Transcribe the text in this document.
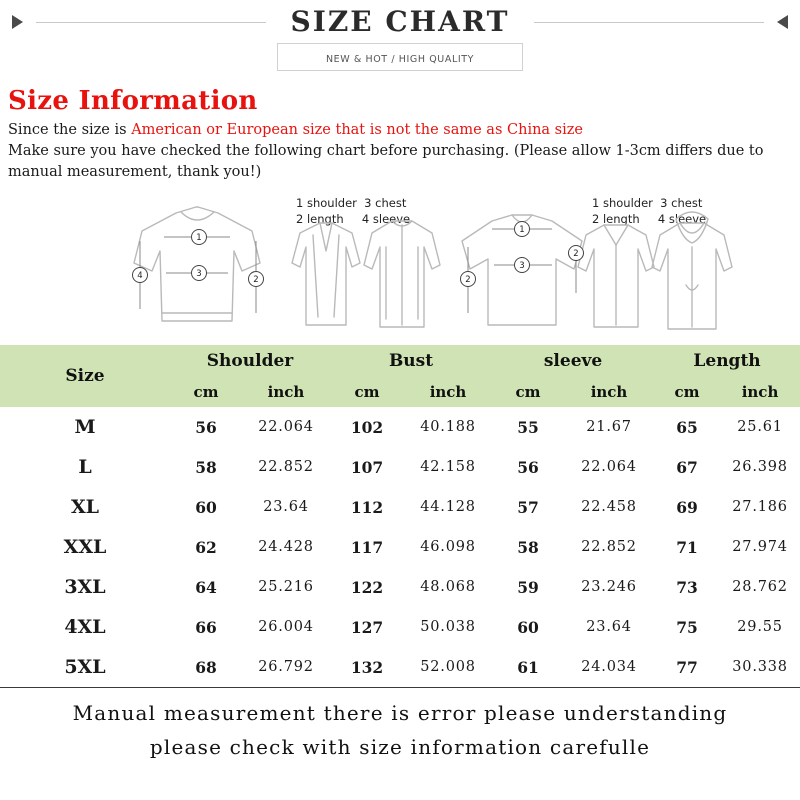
SIZE CHART
NEW & HOT / HIGH QUALITY
Size Information

Since the size is American or European size that is not the same as China size

Make sure you have checked the following chart before purchasing. (Please allow 1-3cm differs due to

manual measurement, thank you!)

1 shoulder  3 chest
2 length     4 sleeve
1 shoulder  3 chest
2 length     4 sleeve
1
3
4	2
1
3
2
2
Size	Shoulder		Bust		sleeve		Length	
	cm	inch	cm	inch	cm	inch	cm	inch
M	56	22.064	102	40.188	55	21.67	65	25.61
L	58	22.852	107	42.158	56	22.064	67	26.398
XL	60	23.64	112	44.128	57	22.458	69	27.186
XXL	62	24.428	117	46.098	58	22.852	71	27.974
3XL	64	25.216	122	48.068	59	23.246	73	28.762
4XL	66	26.004	127	50.038	60	23.64	75	29.55
5XL	68	26.792	132	52.008	61	24.034	77	30.338
Manual measurement there is error please understanding
please check with size information carefulle
